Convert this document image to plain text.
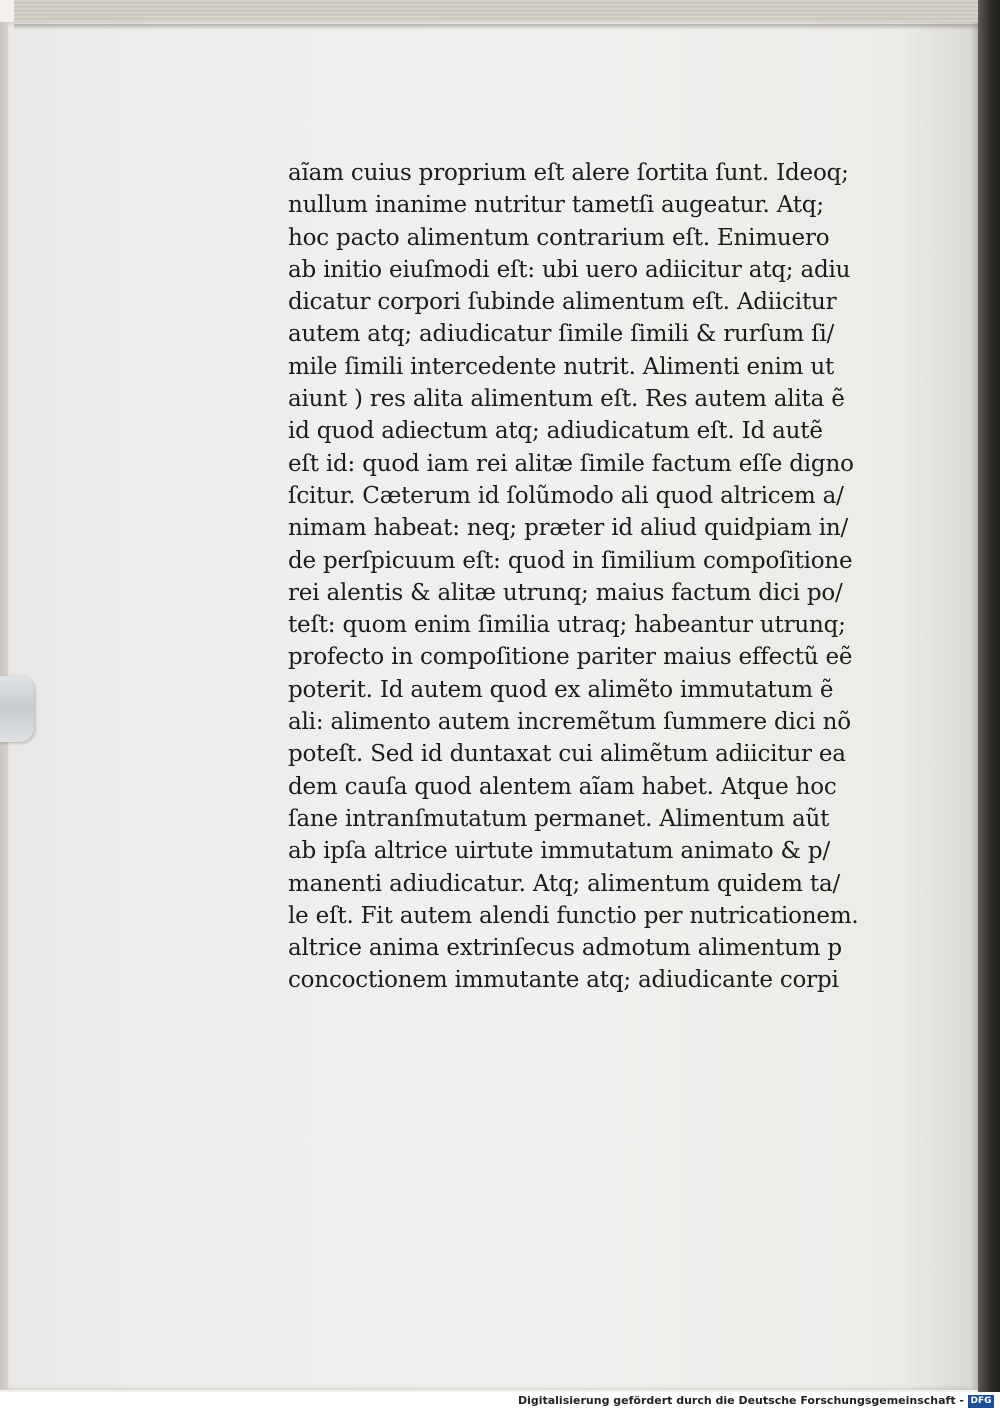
aĩam cuius proprium eſt alere ſortita ſunt. Ideoq;
nullum inanime nutritur tametſi augeatur. Atq;
hoc pacto alimentum contrarium eſt. Enimuero
ab initio eiuſmodi eſt: ubi uero adiicitur atq; adiu
dicatur corpori ſubinde alimentum eſt. Adiicitur
autem atq; adiudicatur ſimile ſimili & rurſum ſi/
mile ſimili intercedente nutrit. Alimenti enim ut
aiunt ) res alita alimentum eſt. Res autem alita ẽ
id quod adiectum atq; adiudicatum eſt. Id autẽ
eſt id: quod iam rei alitæ ſimile factum eſſe digno
ſcitur. Cæterum id ſolũmodo ali quod altricem a/
nimam habeat: neq; præter id aliud quidpiam in/
de perſpicuum eſt: quod in ſimilium compoſitione
rei alentis & alitæ utrunq; maius factum dici po/
teſt: quom enim ſimilia utraq; habeantur utrunq;
profecto in compoſitione pariter maius effectũ eẽ
poterit. Id autem quod ex alimẽto immutatum ẽ
ali: alimento autem incremẽtum ſummere dici nõ
poteſt. Sed id duntaxat cui alimẽtum adiicitur ea
dem cauſa quod alentem aĩam habet. Atque hoc
ſane intranſmutatum permanet. Alimentum aũt
ab ipſa altrice uirtute immutatum animato & p/
manenti adiudicatur. Atq; alimentum quidem ta/
le eſt. Fit autem alendi functio per nutricationem.
altrice anima extrinſecus admotum alimentum p
concoctionem immutante atq; adiudicante corpi
Digitalisierung gefördert durch die Deutsche Forschungsgemeinschaft - DFG
